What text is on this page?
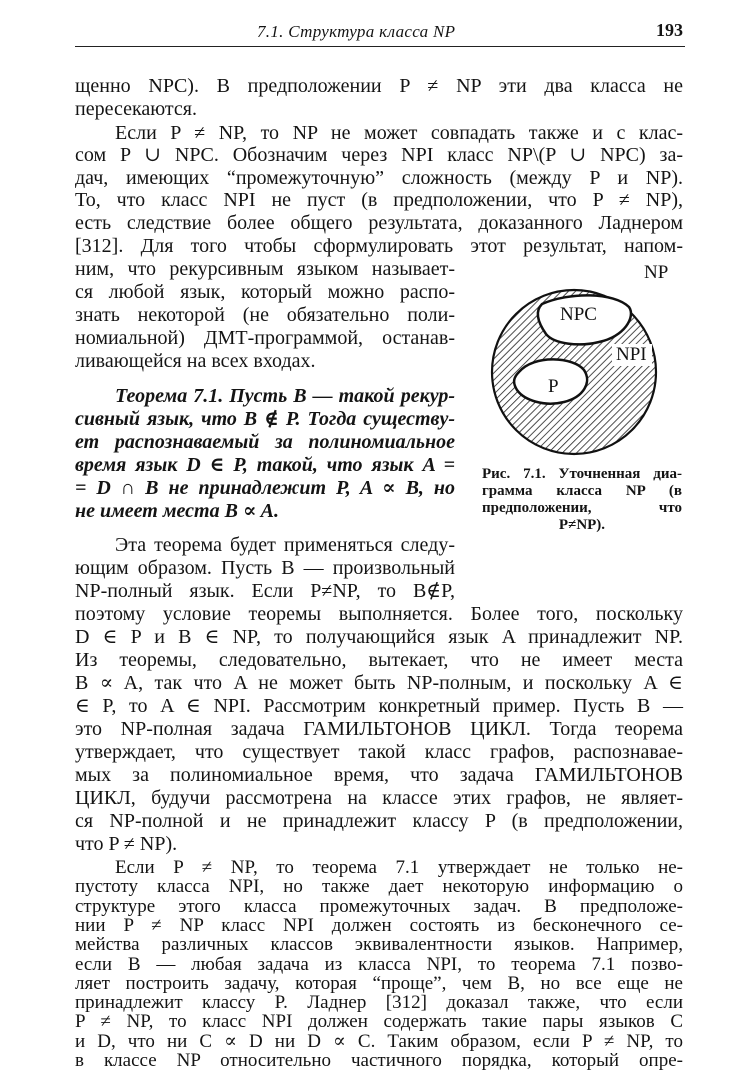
7.1. Структура класса NP	193
щенно NPC). В предположении P ≠ NP эти два класса не
пересекаются.
Если P ≠ NP, то NP не может совпадать также и с клас-
сом P ∪ NPC. Обозначим через NPI класс NP\(P ∪ NPC) за-
дач, имеющих “промежуточную” сложность (между P и NP).
То, что класс NPI не пуст (в предположении, что P ≠ NP),
есть следствие более общего результата, доказанного Ладнером
[312]. Для того чтобы сформулировать этот результат, напом-
ним, что рекурсивным языком называет-
ся любой язык, который можно распо-
знать некоторой (не обязательно поли-
номиальной) ДМТ-программой, останав-
ливающейся на всех входах.
Теорема 7.1. Пусть B — такой рекур-
сивный язык, что B ∉ P. Тогда существу-
ет распознаваемый за полиномиальное
время язык D ∈ P, такой, что язык A =
= D ∩ B не принадлежит P, A ∝ B, но
не имеет места B ∝ A.
Эта теорема будет применяться следу-
ющим образом. Пусть B — произвольный
NP-полный язык. Если P≠NP, то B∉P,
поэтому условие теоремы выполняется. Более того, поскольку
D ∈ P и B ∈ NP, то получающийся язык A принадлежит NP.
Из теоремы, следовательно, вытекает, что не имеет места
B ∝ A, так что A не может быть NP-полным, и поскольку A ∈
∈ P, то A ∈ NPI. Рассмотрим конкретный пример. Пусть B —
это NP-полная задача ГАМИЛЬТОНОВ ЦИКЛ. Тогда теорема
утверждает, что существует такой класс графов, распознавае-
мых за полиномиальное время, что задача ГАМИЛЬТОНОВ
ЦИКЛ, будучи рассмотрена на классе этих графов, не являет-
ся NP-полной и не принадлежит классу P (в предположении,
что P ≠ NP).
NP
NPC
NPI
P
Рис. 7.1. Уточненная диа-
грамма класса NP (в
предположении, что
P≠NP).
Если P ≠ NP, то теорема 7.1 утверждает не только не-
пустоту класса NPI, но также дает некоторую информацию о
структуре этого класса промежуточных задач. В предположе-
нии P ≠ NP класс NPI должен состоять из бесконечного се-
мейства различных классов эквивалентности языков. Например,
если B — любая задача из класса NPI, то теорема 7.1 позво-
ляет построить задачу, которая “проще”, чем B, но все еще не
принадлежит классу P. Ладнер [312] доказал также, что если
P ≠ NP, то класс NPI должен содержать такие пары языков C
и D, что ни C ∝ D ни D ∝ C. Таким образом, если P ≠ NP, то
в классе NP относительно частичного порядка, который опре-
